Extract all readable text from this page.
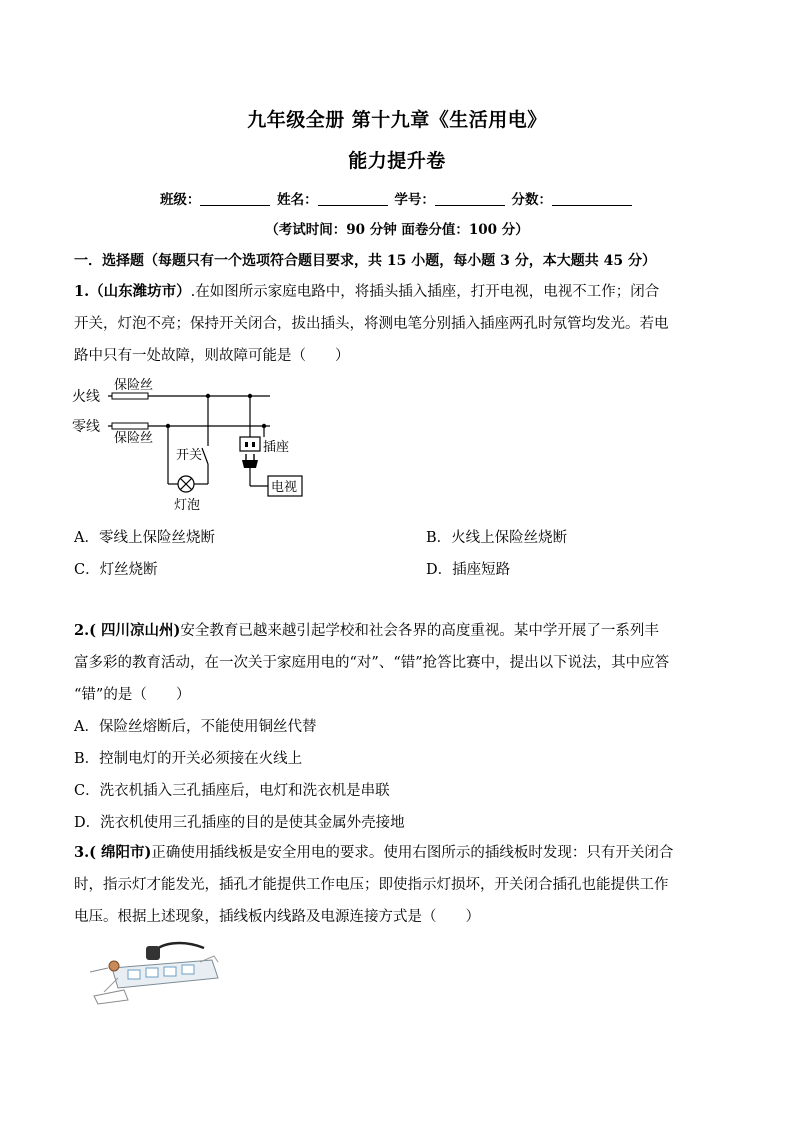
九年级全册 第十九章《生活用电》
能力提升卷
班级：	姓名：	学号：	分数：
（考试时间：90 分钟 面卷分值：100 分）
一．选择题（每题只有一个选项符合题目要求，共 15 小题，每小题 3 分，本大题共 45 分）
1.（山东潍坊市）.在如图所示家庭电路中，将插头插入插座，打开电视，电视不工作；闭合
开关，灯泡不亮；保持开关闭合，拔出插头，将测电笔分别插入插座两孔时氖管均发光。若电
路中只有一处故障，则故障可能是（　　）
火线
保险丝
零线
保险丝
开关
灯泡
插座
电视
A．零线上保险丝烧断	B．火线上保险丝烧断
C．灯丝烧断	D．插座短路
2.( 四川凉山州)安全教育已越来越引起学校和社会各界的高度重视。某中学开展了一系列丰
富多彩的教育活动，在一次关于家庭用电的“对”、“错”抢答比赛中，提出以下说法，其中应答
“错”的是（　　）
A．保险丝熔断后，不能使用铜丝代替
B．控制电灯的开关必须接在火线上
C．洗衣机插入三孔插座后，电灯和洗衣机是串联
D．洗衣机使用三孔插座的目的是使其金属外壳接地
3.( 绵阳市)正确使用插线板是安全用电的要求。使用右图所示的插线板时发现：只有开关闭合
时，指示灯才能发光，插孔才能提供工作电压；即使指示灯损坏，开关闭合插孔也能提供工作
电压。根据上述现象，插线板内线路及电源连接方式是（　　）
